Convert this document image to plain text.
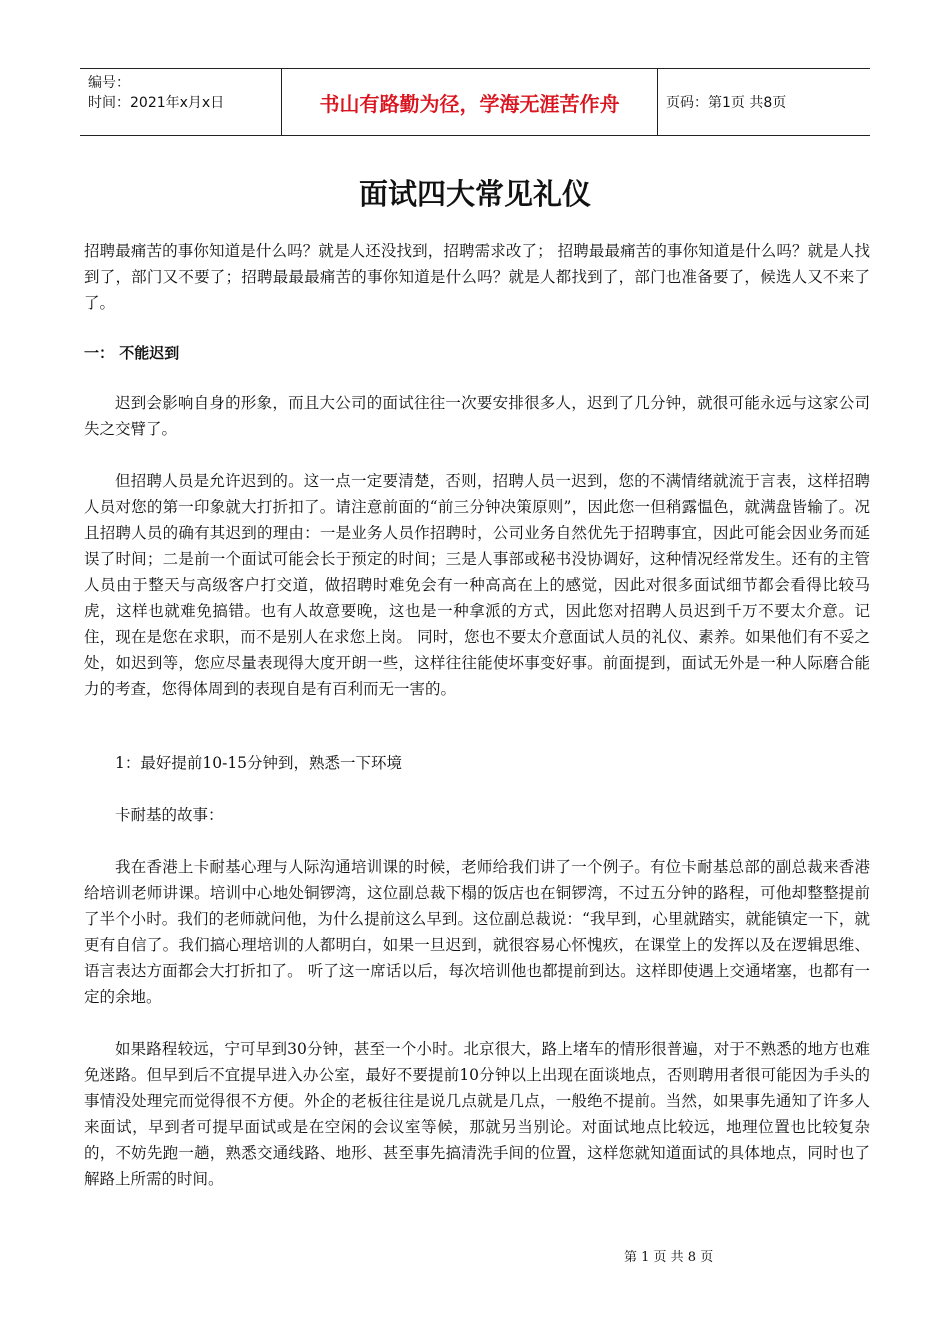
编号：
时间：2021年x月x日	书山有路勤为径，学海无涯苦作舟	页码：第1页 共8页
面试四大常见礼仪

招聘最痛苦的事你知道是什么吗？就是人还没找到，招聘需求改了； 招聘最最痛苦的事你知道是什么吗？就是人找到了，部门又不要了；招聘最最最痛苦的事你知道是什么吗？就是人都找到了，部门也准备要了，候选人又不来了了。

一： 不能迟到

迟到会影响自身的形象，而且大公司的面试往往一次要安排很多人，迟到了几分钟，就很可能永远与这家公司失之交臂了。

但招聘人员是允许迟到的。这一点一定要清楚，否则，招聘人员一迟到，您的不满情绪就流于言表，这样招聘人员对您的第一印象就大打折扣了。请注意前面的“前三分钟决策原则”，因此您一但稍露愠色，就满盘皆输了。况且招聘人员的确有其迟到的理由：一是业务人员作招聘时，公司业务自然优先于招聘事宜，因此可能会因业务而延误了时间；二是前一个面试可能会长于预定的时间；三是人事部或秘书没协调好，这种情况经常发生。还有的主管人员由于整天与高级客户打交道，做招聘时难免会有一种高高在上的感觉，因此对很多面试细节都会看得比较马虎，这样也就难免搞错。也有人故意要晚，这也是一种拿派的方式，因此您对招聘人员迟到千万不要太介意。记住，现在是您在求职，而不是别人在求您上岗。 同时，您也不要太介意面试人员的礼仪、素养。如果他们有不妥之处，如迟到等，您应尽量表现得大度开朗一些，这样往往能使坏事变好事。前面提到，面试无外是一种人际磨合能力的考查，您得体周到的表现自是有百利而无一害的。

1：最好提前10-15分钟到，熟悉一下环境

卡耐基的故事：

我在香港上卡耐基心理与人际沟通培训课的时候，老师给我们讲了一个例子。有位卡耐基总部的副总裁来香港给培训老师讲课。培训中心地处铜锣湾，这位副总裁下榻的饭店也在铜锣湾，不过五分钟的路程，可他却整整提前了半个小时。我们的老师就问他，为什么提前这么早到。这位副总裁说：“我早到，心里就踏实，就能镇定一下，就更有自信了。我们搞心理培训的人都明白，如果一旦迟到，就很容易心怀愧疚，在课堂上的发挥以及在逻辑思维、语言表达方面都会大打折扣了。 听了这一席话以后，每次培训他也都提前到达。这样即使遇上交通堵塞，也都有一定的余地。

如果路程较远，宁可早到30分钟，甚至一个小时。北京很大，路上堵车的情形很普遍，对于不熟悉的地方也难免迷路。但早到后不宜提早进入办公室，最好不要提前10分钟以上出现在面谈地点，否则聘用者很可能因为手头的事情没处理完而觉得很不方便。外企的老板往往是说几点就是几点，一般绝不提前。当然，如果事先通知了许多人来面试，早到者可提早面试或是在空闲的会议室等候，那就另当别论。对面试地点比较远，地理位置也比较复杂的，不妨先跑一趟，熟悉交通线路、地形、甚至事先搞清洗手间的位置，这样您就知道面试的具体地点，同时也了解路上所需的时间。

第 1 页 共 8 页
